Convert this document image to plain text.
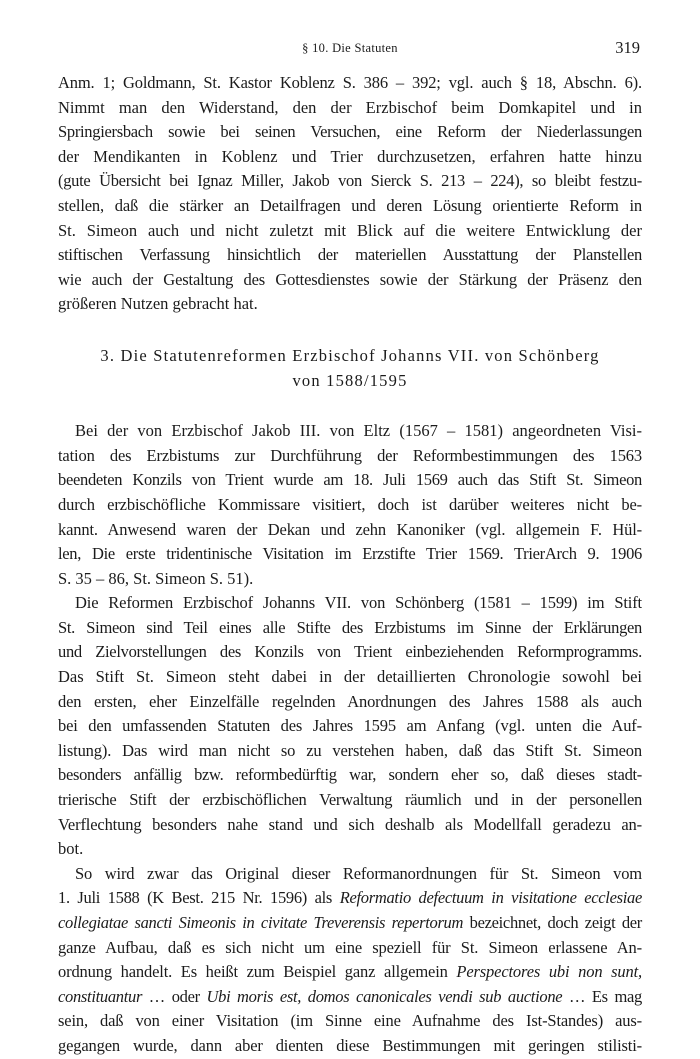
§ 10. Die Statuten	319
Anm. 1; Goldmann, St. Kastor Koblenz S. 386 – 392; vgl. auch § 18, Abschn. 6).
Nimmt man den Widerstand, den der Erzbischof beim Domkapitel und in
Springiersbach sowie bei seinen Versuchen, eine Reform der Niederlassungen
der Mendikanten in Koblenz und Trier durchzusetzen, erfahren hatte hinzu
(gute Übersicht bei Ignaz Miller, Jakob von Sierck S. 213 – 224), so bleibt festzu-
stellen, daß die stärker an Detailfragen und deren Lösung orientierte Reform in
St. Simeon auch und nicht zuletzt mit Blick auf die weitere Entwicklung der
stiftischen Verfassung hinsichtlich der materiellen Ausstattung der Planstellen
wie auch der Gestaltung des Gottesdienstes sowie der Stärkung der Präsenz den
größeren Nutzen gebracht hat.
3. Die Statutenreformen Erzbischof Johanns VII. von Schönberg
von 1588/1595
Bei der von Erzbischof Jakob III. von Eltz (1567 – 1581) angeordneten Visi-
tation des Erzbistums zur Durchführung der Reformbestimmungen des 1563
beendeten Konzils von Trient wurde am 18. Juli 1569 auch das Stift St. Simeon
durch erzbischöfliche Kommissare visitiert, doch ist darüber weiteres nicht be-
kannt. Anwesend waren der Dekan und zehn Kanoniker (vgl. allgemein F. Hül-
len, Die erste tridentinische Visitation im Erzstifte Trier 1569. TrierArch 9. 1906
S. 35 – 86, St. Simeon S. 51).
Die Reformen Erzbischof Johanns VII. von Schönberg (1581 – 1599) im Stift
St. Simeon sind Teil eines alle Stifte des Erzbistums im Sinne der Erklärungen
und Zielvorstellungen des Konzils von Trient einbeziehenden Reformprogramms.
Das Stift St. Simeon steht dabei in der detaillierten Chronologie sowohl bei
den ersten, eher Einzelfälle regelnden Anordnungen des Jahres 1588 als auch
bei den umfassenden Statuten des Jahres 1595 am Anfang (vgl. unten die Auf-
listung). Das wird man nicht so zu verstehen haben, daß das Stift St. Simeon
besonders anfällig bzw. reformbedürftig war, sondern eher so, daß dieses stadt-
trierische Stift der erzbischöflichen Verwaltung räumlich und in der personellen
Verflechtung besonders nahe stand und sich deshalb als Modellfall geradezu an-
bot.
So wird zwar das Original dieser Reformanordnungen für St. Simeon vom
1. Juli 1588 (K Best. 215 Nr. 1596) als Reformatio defectuum in visitatione ecclesiae
collegiatae sancti Simeonis in civitate Treverensis repertorum bezeichnet, doch zeigt der
ganze Aufbau, daß es sich nicht um eine speziell für St. Simeon erlassene An-
ordnung handelt. Es heißt zum Beispiel ganz allgemein Perspectores ubi non sunt,
constituantur … oder Ubi moris est, domos canonicales vendi sub auctione … Es mag
sein, daß von einer Visitation (im Sinne eine Aufnahme des Ist-Standes) aus-
gegangen wurde, dann aber dienten diese Bestimmungen mit geringen stilisti-
